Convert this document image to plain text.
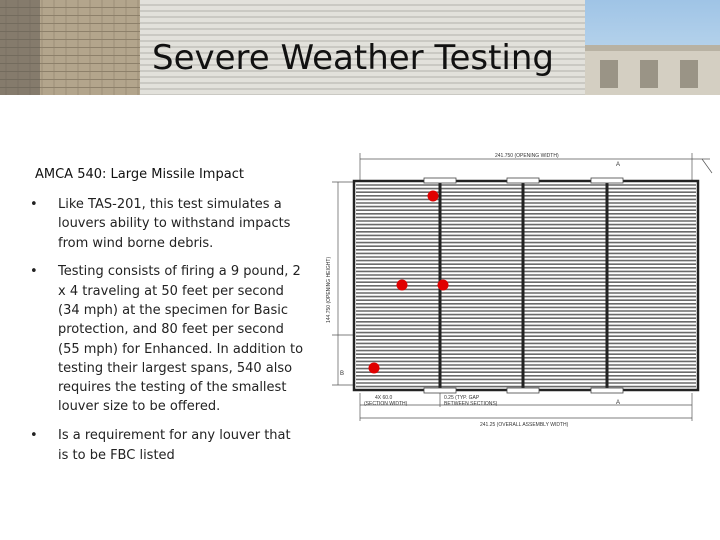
Severe Weather Testing
AMCA 540: Large Missile Impact
• Like TAS-201, this test simulates a louvers ability to withstand impacts from wind borne debris.
• Testing consists of firing a 9 pound, 2 x 4 traveling at 50 feet per second (34 mph) at the specimen for Basic protection, and 80 feet per second (55 mph) for Enhanced. In addition to testing their largest spans, 540 also requires the testing of the smallest louver size to be offered.
• Is a requirement for any louver that is to be FBC listed
241.750 (OPENING WIDTH)
A
144.750 (OPENING HEIGHT)
B
4X 60.0 (SECTION WIDTH)
0.25 (TYP. GAP BETWEEN SECTIONS)	A
241.25 (OVERALL ASSEMBLY WIDTH)
